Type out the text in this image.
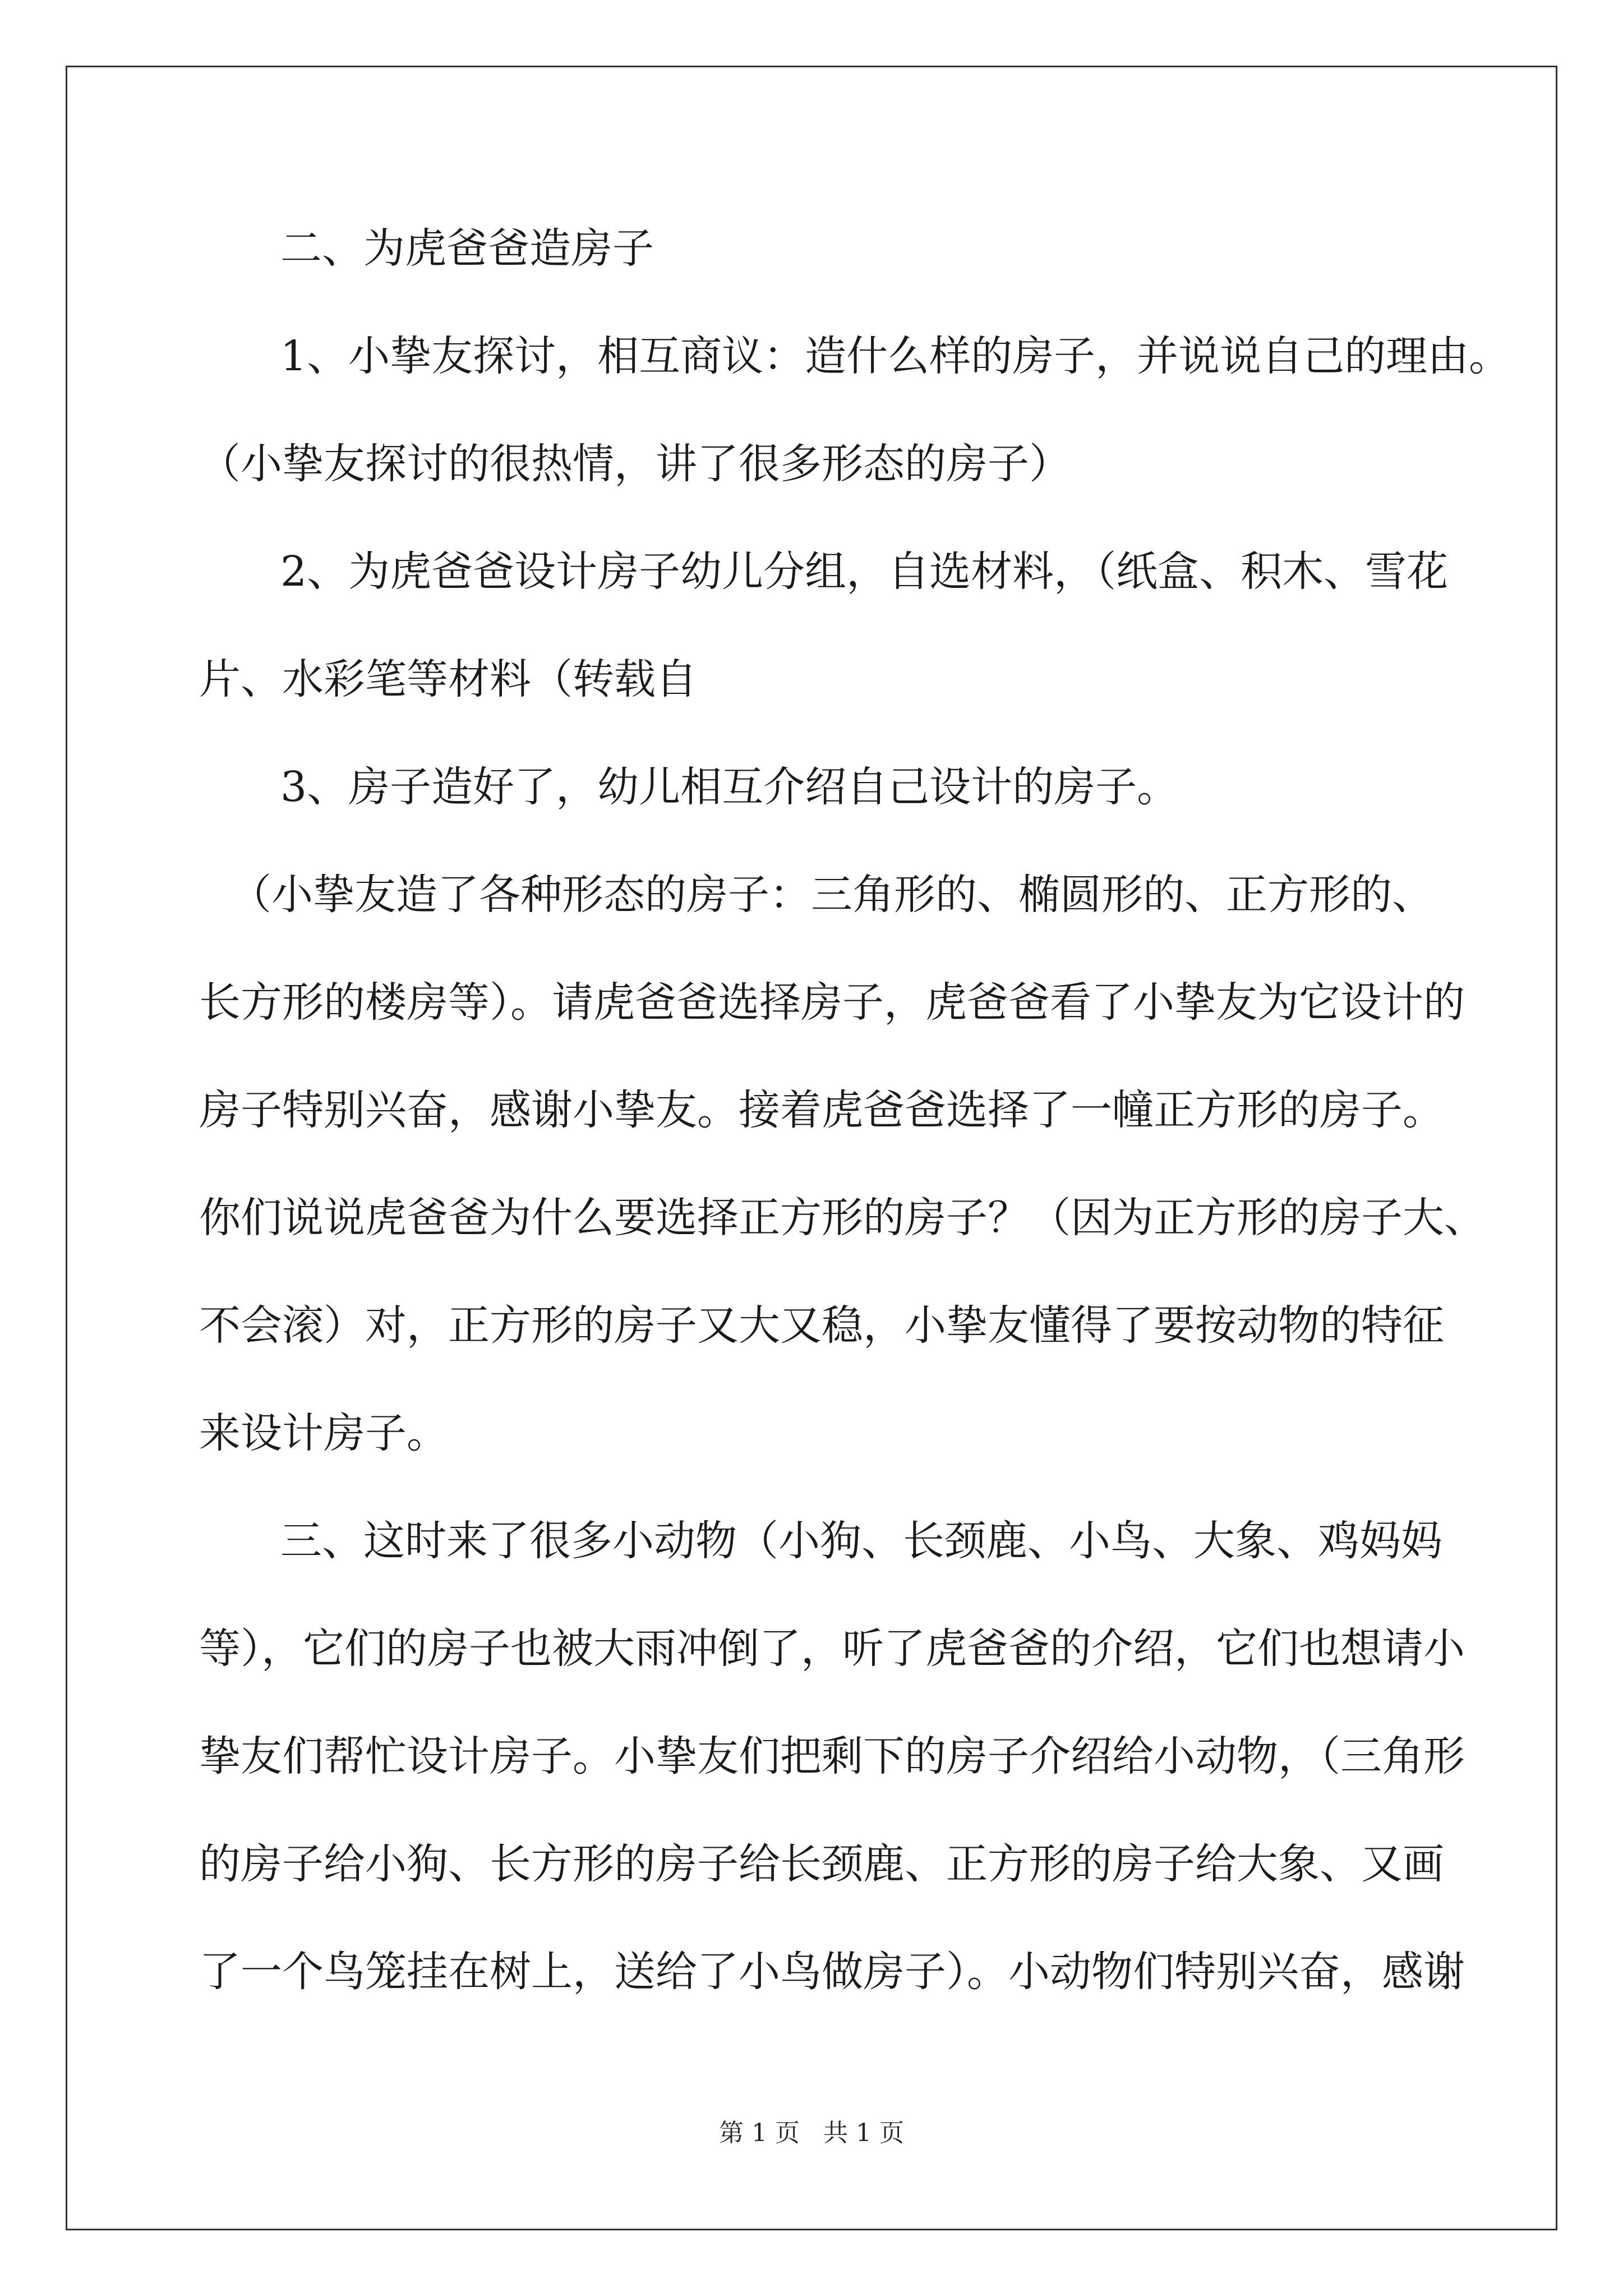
二、为虎爸爸造房子
1、小挚友探讨，相互商议：造什么样的房子，并说说自己的理由。
（小挚友探讨的很热情，讲了很多形态的房子）
2、为虎爸爸设计房子幼儿分组，自选材料，（纸盒、积木、雪花
片、水彩笔等材料（转载自
3、房子造好了，幼儿相互介绍自己设计的房子。
（小挚友造了各种形态的房子：三角形的、椭圆形的、正方形的、
长方形的楼房等）。请虎爸爸选择房子，虎爸爸看了小挚友为它设计的
房子特别兴奋，感谢小挚友。接着虎爸爸选择了一幢正方形的房子。
你们说说虎爸爸为什么要选择正方形的房子？（因为正方形的房子大、
不会滚）对，正方形的房子又大又稳，小挚友懂得了要按动物的特征
来设计房子。
三、这时来了很多小动物（小狗、长颈鹿、小鸟、大象、鸡妈妈
等），它们的房子也被大雨冲倒了，听了虎爸爸的介绍，它们也想请小
挚友们帮忙设计房子。小挚友们把剩下的房子介绍给小动物，（三角形
的房子给小狗、长方形的房子给长颈鹿、正方形的房子给大象、又画
了一个鸟笼挂在树上，送给了小鸟做房子）。小动物们特别兴奋，感谢
第 1 页   共 1 页
